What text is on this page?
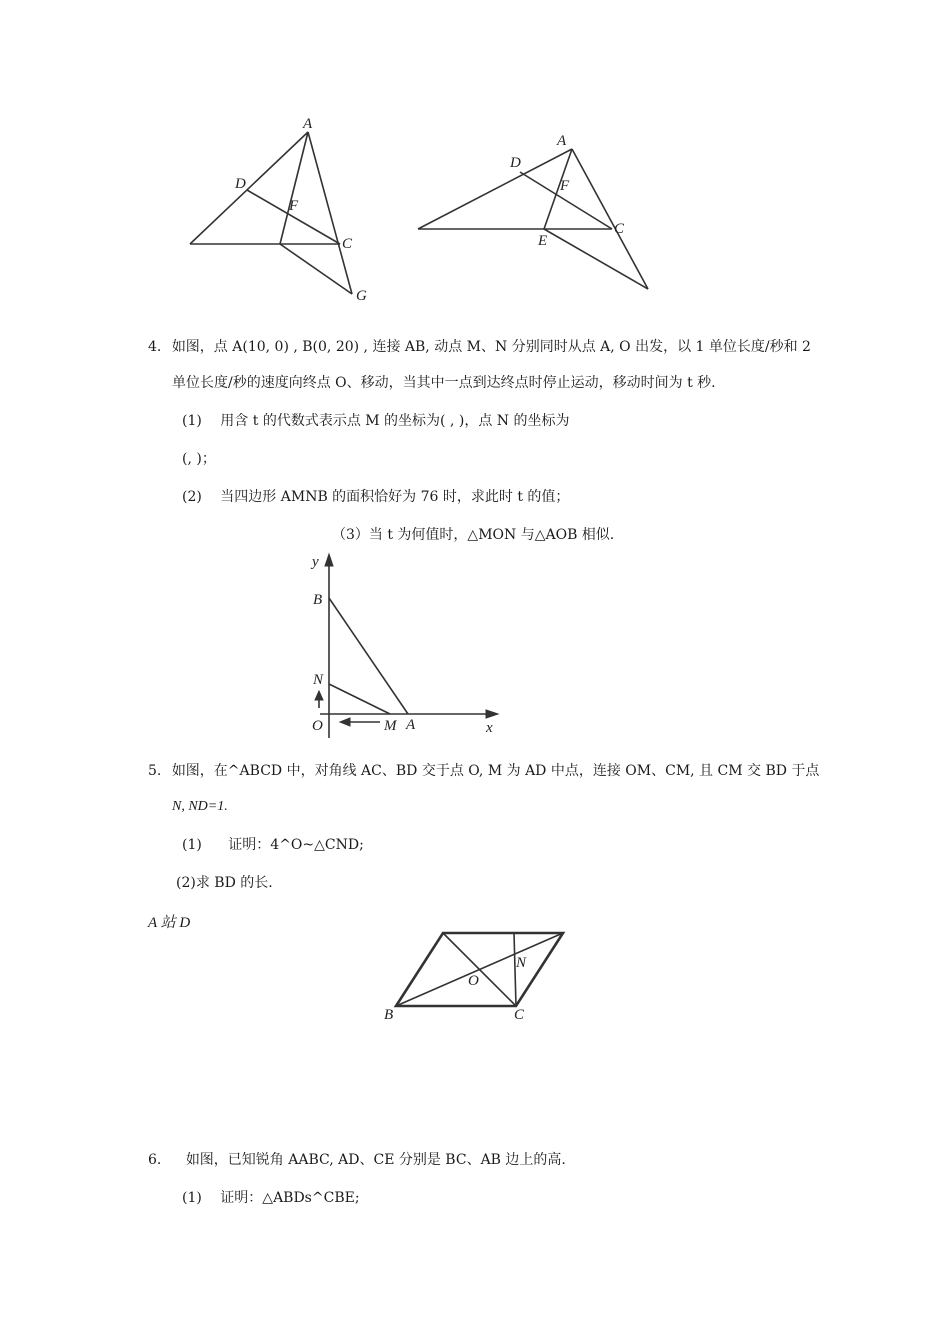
A
D
F
C
G
A
D
F
E
C
4. 如图，点 A(10, 0) , B(0, 20) , 连接 AB, 动点 M、N 分别同时从点 A, O 出发，以 1 单位长度/秒和 2
单位长度/秒的速度向终点 O、移动，当其中一点到达终点时停止运动，移动时间为 t 秒.
(1) 用含 t 的代数式表示点 M 的坐标为( , )，点 N 的坐标为
(, )；
(2) 当四边形 AMNB 的面积恰好为 76 时，求此时 t 的值；
（3）当 t 为何值时，△MON 与△AOB 相似.
y
B
N
O	M A	x
5. 如图，在^ABCD 中，对角线 AC、BD 交于点 O, M 为 AD 中点，连接 OM、CM, 且 CM 交 BD 于点
N, ND=1.
(1) 证明：4^O~△CND;
(2)求 BD 的长.
A 站 D
O
N
B	C
6. 如图，已知锐角 AABC, AD、CE 分别是 BC、AB 边上的高.
(1) 证明：△ABDs^CBE;
